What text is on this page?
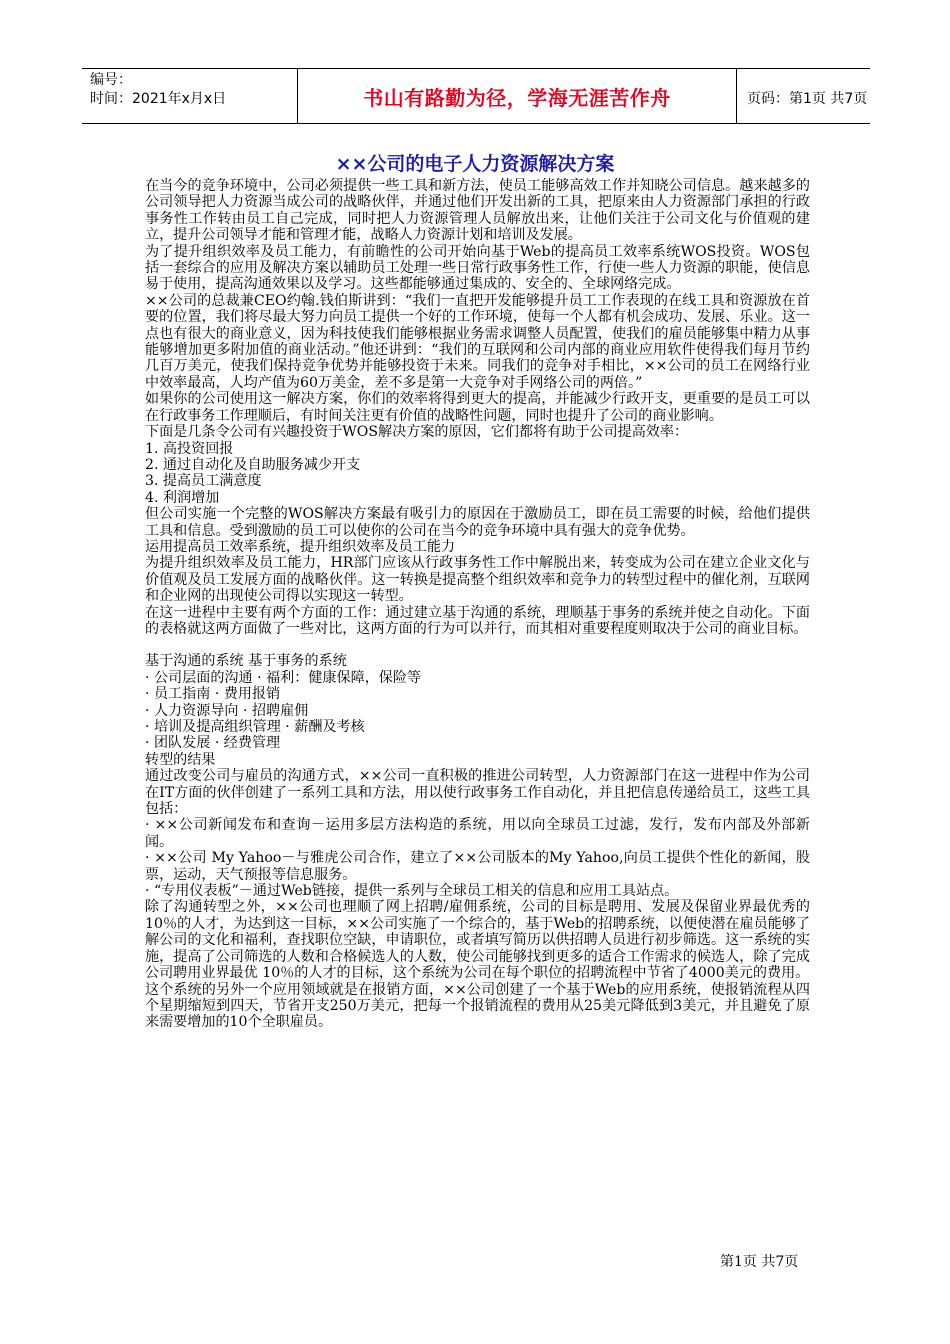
编号：
时间：2021年x月x日	书山有路勤为径，学海无涯苦作舟	页码：第1页 共7页
××公司的电子人力资源解决方案

在当今的竞争环境中，公司必须提供一些工具和新方法，使员工能够高效工作并知晓公司信息。越来越多的公司领导把人力资源当成公司的战略伙伴，并通过他们开发出新的工具，把原来由人力资源部门承担的行政事务性工作转由员工自己完成，同时把人力资源管理人员解放出来，让他们关注于公司文化与价值观的建立，提升公司领导才能和管理才能，战略人力资源计划和培训及发展。

为了提升组织效率及员工能力，有前瞻性的公司开始向基于Web的提高员工效率系统WOS投资。WOS包括一套综合的应用及解决方案以辅助员工处理一些日常行政事务性工作，行使一些人力资源的职能，使信息易于使用，提高沟通效果以及学习。这些都能够通过集成的、安全的、全球网络完成。

××公司的总裁兼CEO约翰.钱伯斯讲到：“我们一直把开发能够提升员工工作表现的在线工具和资源放在首要的位置，我们将尽最大努力向员工提供一个好的工作环境，使每一个人都有机会成功、发展、乐业。这一点也有很大的商业意义，因为科技使我们能够根据业务需求调整人员配置，使我们的雇员能够集中精力从事能够增加更多附加值的商业活动。”他还讲到：“我们的互联网和公司内部的商业应用软件使得我们每月节约几百万美元，使我们保持竞争优势并能够投资于未来。同我们的竞争对手相比，××公司的员工在网络行业中效率最高，人均产值为60万美金，差不多是第一大竞争对手网络公司的两倍。”

如果你的公司使用这一解决方案，你们的效率将得到更大的提高，并能减少行政开支，更重要的是员工可以在行政事务工作理顺后，有时间关注更有价值的战略性问题，同时也提升了公司的商业影响。

下面是几条令公司有兴趣投资于WOS解决方案的原因，它们都将有助于公司提高效率：

1. 高投资回报

2. 通过自动化及自助服务减少开支

3. 提高员工满意度

4. 利润增加

但公司实施一个完整的WOS解决方案最有吸引力的原因在于激励员工，即在员工需要的时候，给他们提供工具和信息。受到激励的员工可以使你的公司在当今的竞争环境中具有强大的竞争优势。

运用提高员工效率系统，提升组织效率及员工能力

为提升组织效率及员工能力，HR部门应该从行政事务性工作中解脱出来，转变成为公司在建立企业文化与价值观及员工发展方面的战略伙伴。这一转换是提高整个组织效率和竞争力的转型过程中的催化剂，互联网和企业网的出现使公司得以实现这一转型。

在这一进程中主要有两个方面的工作：通过建立基于沟通的系统，理顺基于事务的系统并使之自动化。下面的表格就这两方面做了一些对比，这两方面的行为可以并行，而其相对重要程度则取决于公司的商业目标。

基于沟通的系统 基于事务的系统

· 公司层面的沟通 · 福利：健康保障，保险等

· 员工指南 · 费用报销

· 人力资源导向 · 招聘雇佣

· 培训及提高组织管理 · 薪酬及考核

· 团队发展 · 经费管理

转型的结果

通过改变公司与雇员的沟通方式，××公司一直积极的推进公司转型，人力资源部门在这一进程中作为公司在IT方面的伙伴创建了一系列工具和方法，用以使行政事务工作自动化，并且把信息传递给员工，这些工具包括：

· ××公司新闻发布和查询－运用多层方法构造的系统，用以向全球员工过滤，发行，发布内部及外部新闻。

· ××公司 My Yahoo－与雅虎公司合作，建立了××公司版本的My Yahoo,向员工提供个性化的新闻，股票，运动，天气预报等信息服务。

· “专用仪表板”－通过Web链接，提供一系列与全球员工相关的信息和应用工具站点。

除了沟通转型之外，××公司也理顺了网上招聘/雇佣系统，公司的目标是聘用、发展及保留业界最优秀的10％的人才，为达到这一目标，××公司实施了一个综合的，基于Web的招聘系统，以便使潜在雇员能够了解公司的文化和福利，查找职位空缺，申请职位，或者填写简历以供招聘人员进行初步筛选。这一系统的实施，提高了公司筛选的人数和合格候选人的人数，使公司能够找到更多的适合工作需求的候选人，除了完成公司聘用业界最优 10％的人才的目标，这个系统为公司在每个职位的招聘流程中节省了4000美元的费用。

这个系统的另外一个应用领域就是在报销方面，××公司创建了一个基于Web的应用系统，使报销流程从四个星期缩短到四天，节省开支250万美元，把每一个报销流程的费用从25美元降低到3美元，并且避免了原来需要增加的10个全职雇员。

第1页 共7页
